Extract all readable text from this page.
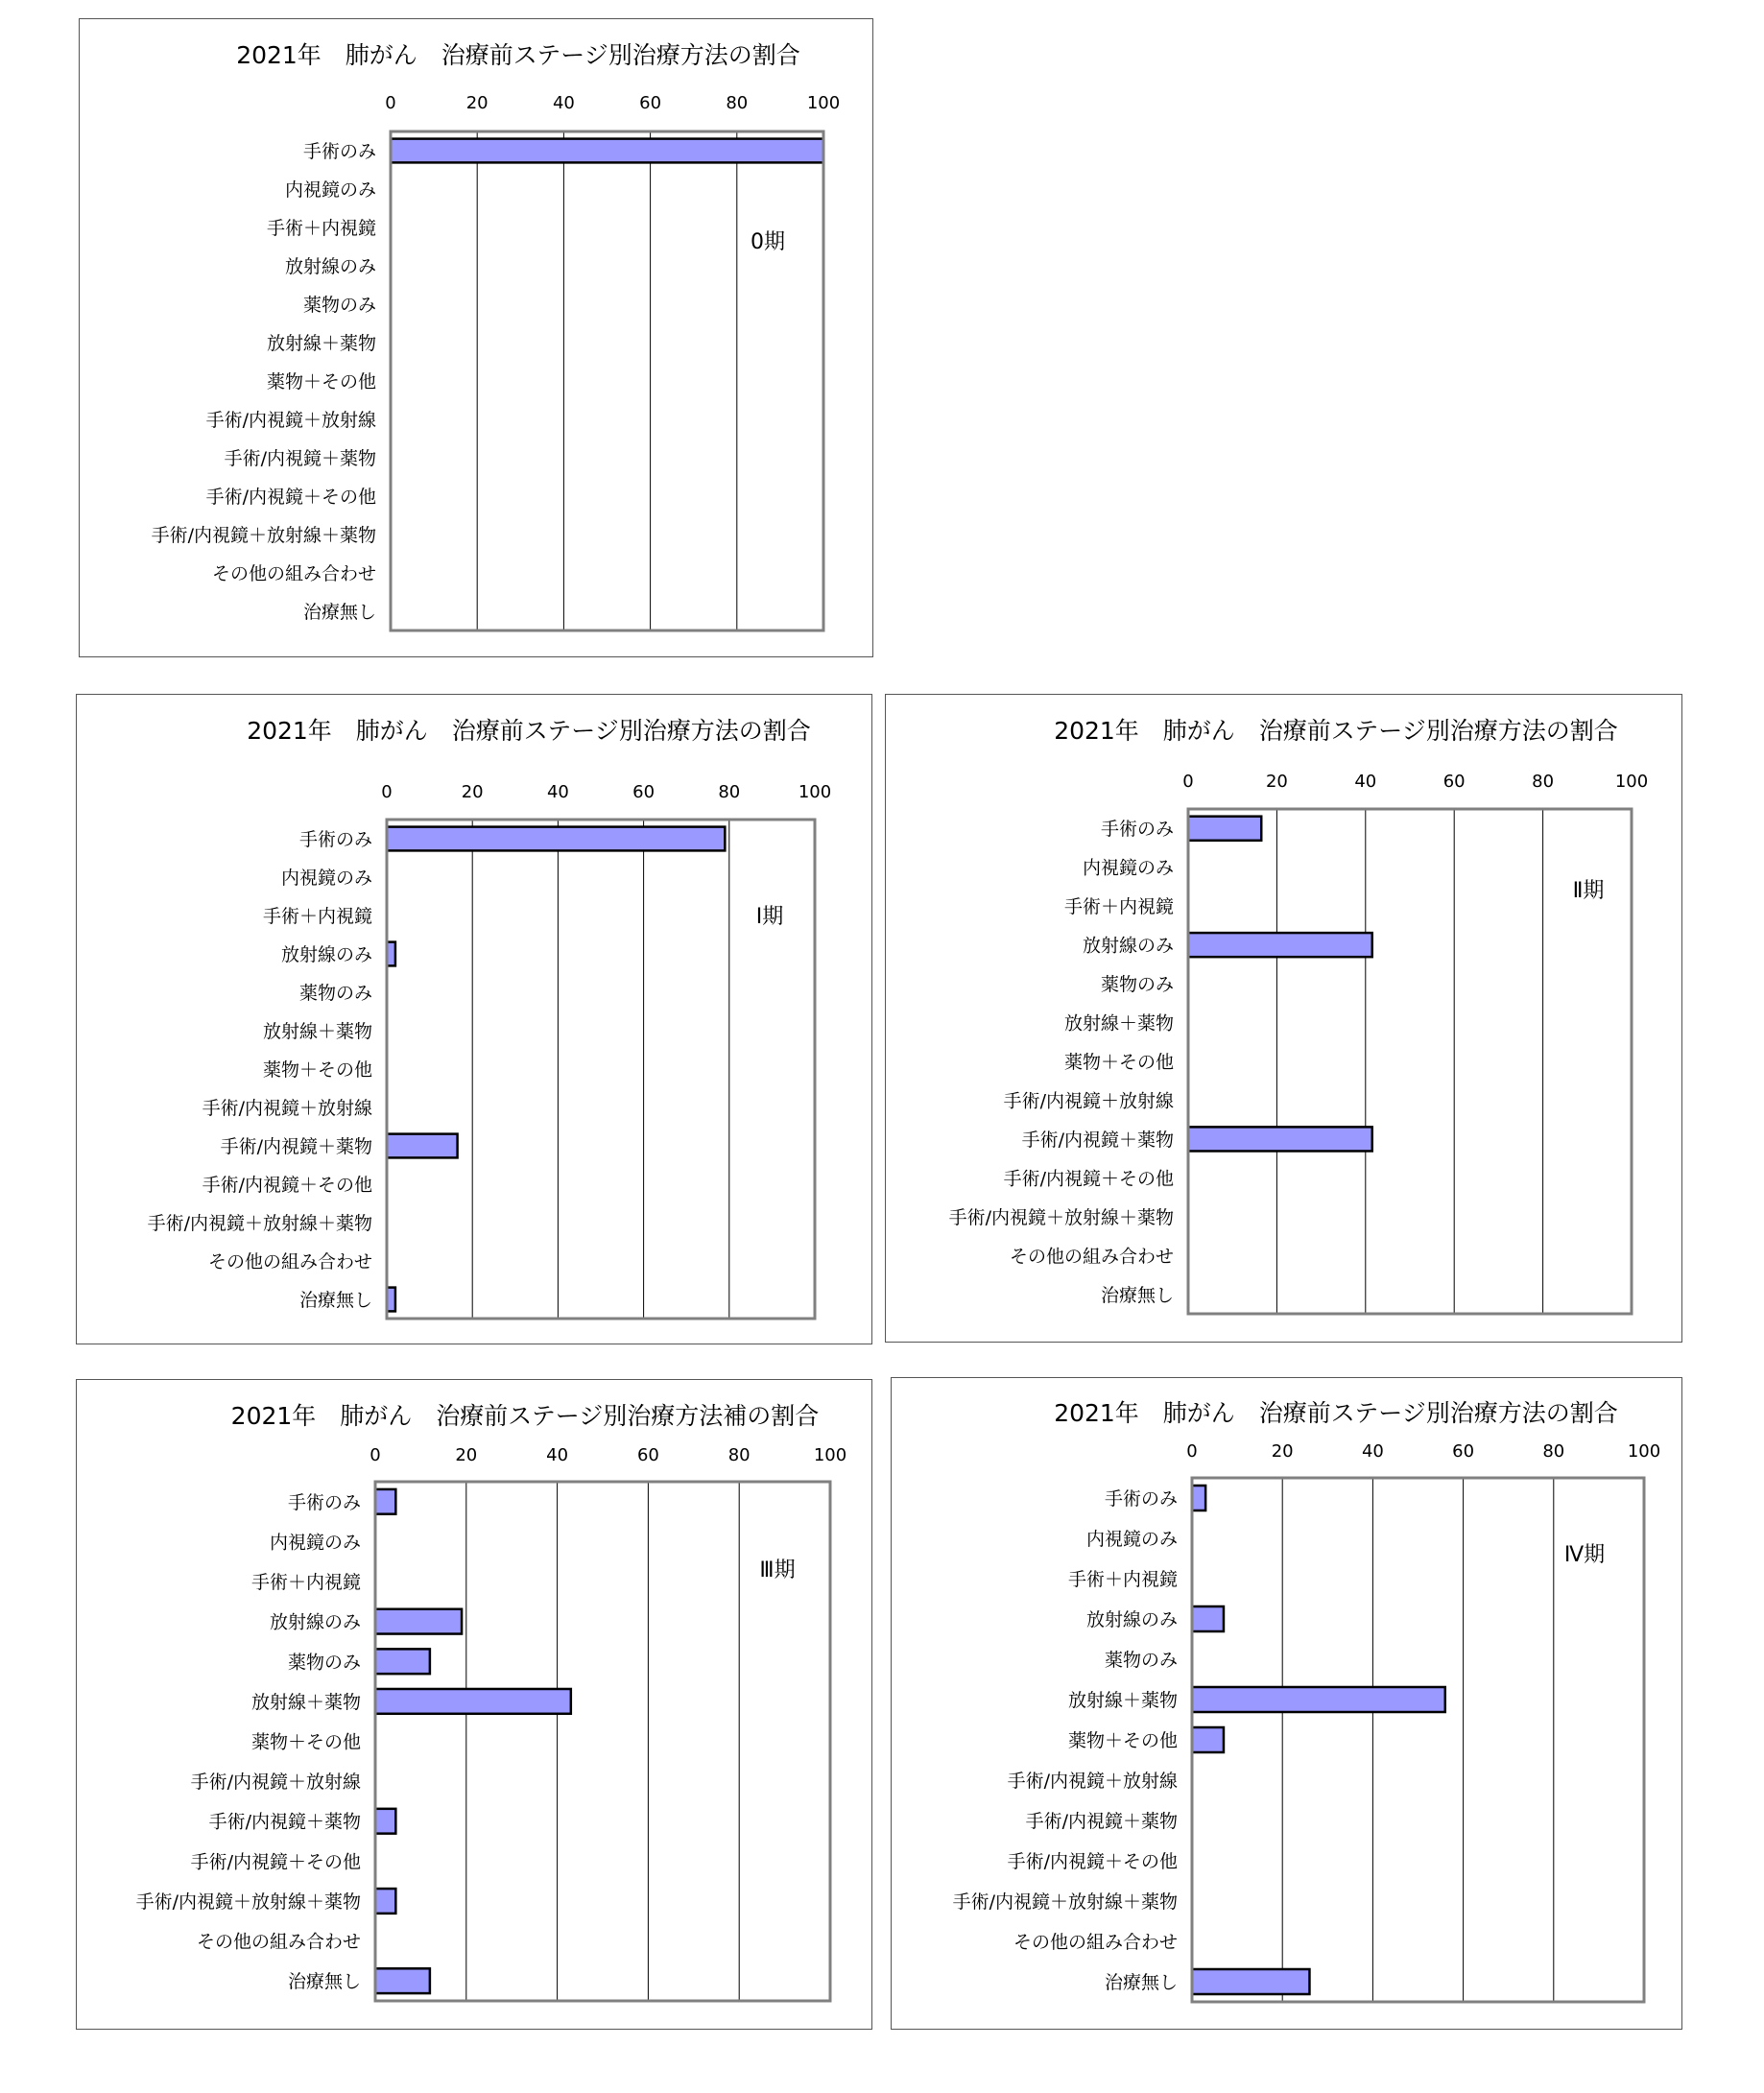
2021年　肺がん　治療前ステージ別治療方法の割合
0	20	40	60	80	100
手術のみ
内視鏡のみ
手術＋内視鏡
放射線のみ
薬物のみ
放射線＋薬物
薬物＋その他
手術/内視鏡＋放射線
手術/内視鏡＋薬物
手術/内視鏡＋その他
手術/内視鏡＋放射線＋薬物
その他の組み合わせ
治療無し
0期
2021年　肺がん　治療前ステージ別治療方法の割合
0	20	40	60	80	100
手術のみ
内視鏡のみ
手術＋内視鏡
放射線のみ
薬物のみ
放射線＋薬物
薬物＋その他
手術/内視鏡＋放射線
手術/内視鏡＋薬物
手術/内視鏡＋その他
手術/内視鏡＋放射線＋薬物
その他の組み合わせ
治療無し
Ⅰ期
2021年　肺がん　治療前ステージ別治療方法の割合
0	20	40	60	80	100
手術のみ
内視鏡のみ
手術＋内視鏡
放射線のみ
薬物のみ
放射線＋薬物
薬物＋その他
手術/内視鏡＋放射線
手術/内視鏡＋薬物
手術/内視鏡＋その他
手術/内視鏡＋放射線＋薬物
その他の組み合わせ
治療無し
Ⅱ期
2021年　肺がん　治療前ステージ別治療方法補の割合
0	20	40	60	80	100
手術のみ
内視鏡のみ
手術＋内視鏡
放射線のみ
薬物のみ
放射線＋薬物
薬物＋その他
手術/内視鏡＋放射線
手術/内視鏡＋薬物
手術/内視鏡＋その他
手術/内視鏡＋放射線＋薬物
その他の組み合わせ
治療無し
Ⅲ期
2021年　肺がん　治療前ステージ別治療方法の割合
0	20	40	60	80	100
手術のみ
内視鏡のみ
手術＋内視鏡
放射線のみ
薬物のみ
放射線＋薬物
薬物＋その他
手術/内視鏡＋放射線
手術/内視鏡＋薬物
手術/内視鏡＋その他
手術/内視鏡＋放射線＋薬物
その他の組み合わせ
治療無し
Ⅳ期
